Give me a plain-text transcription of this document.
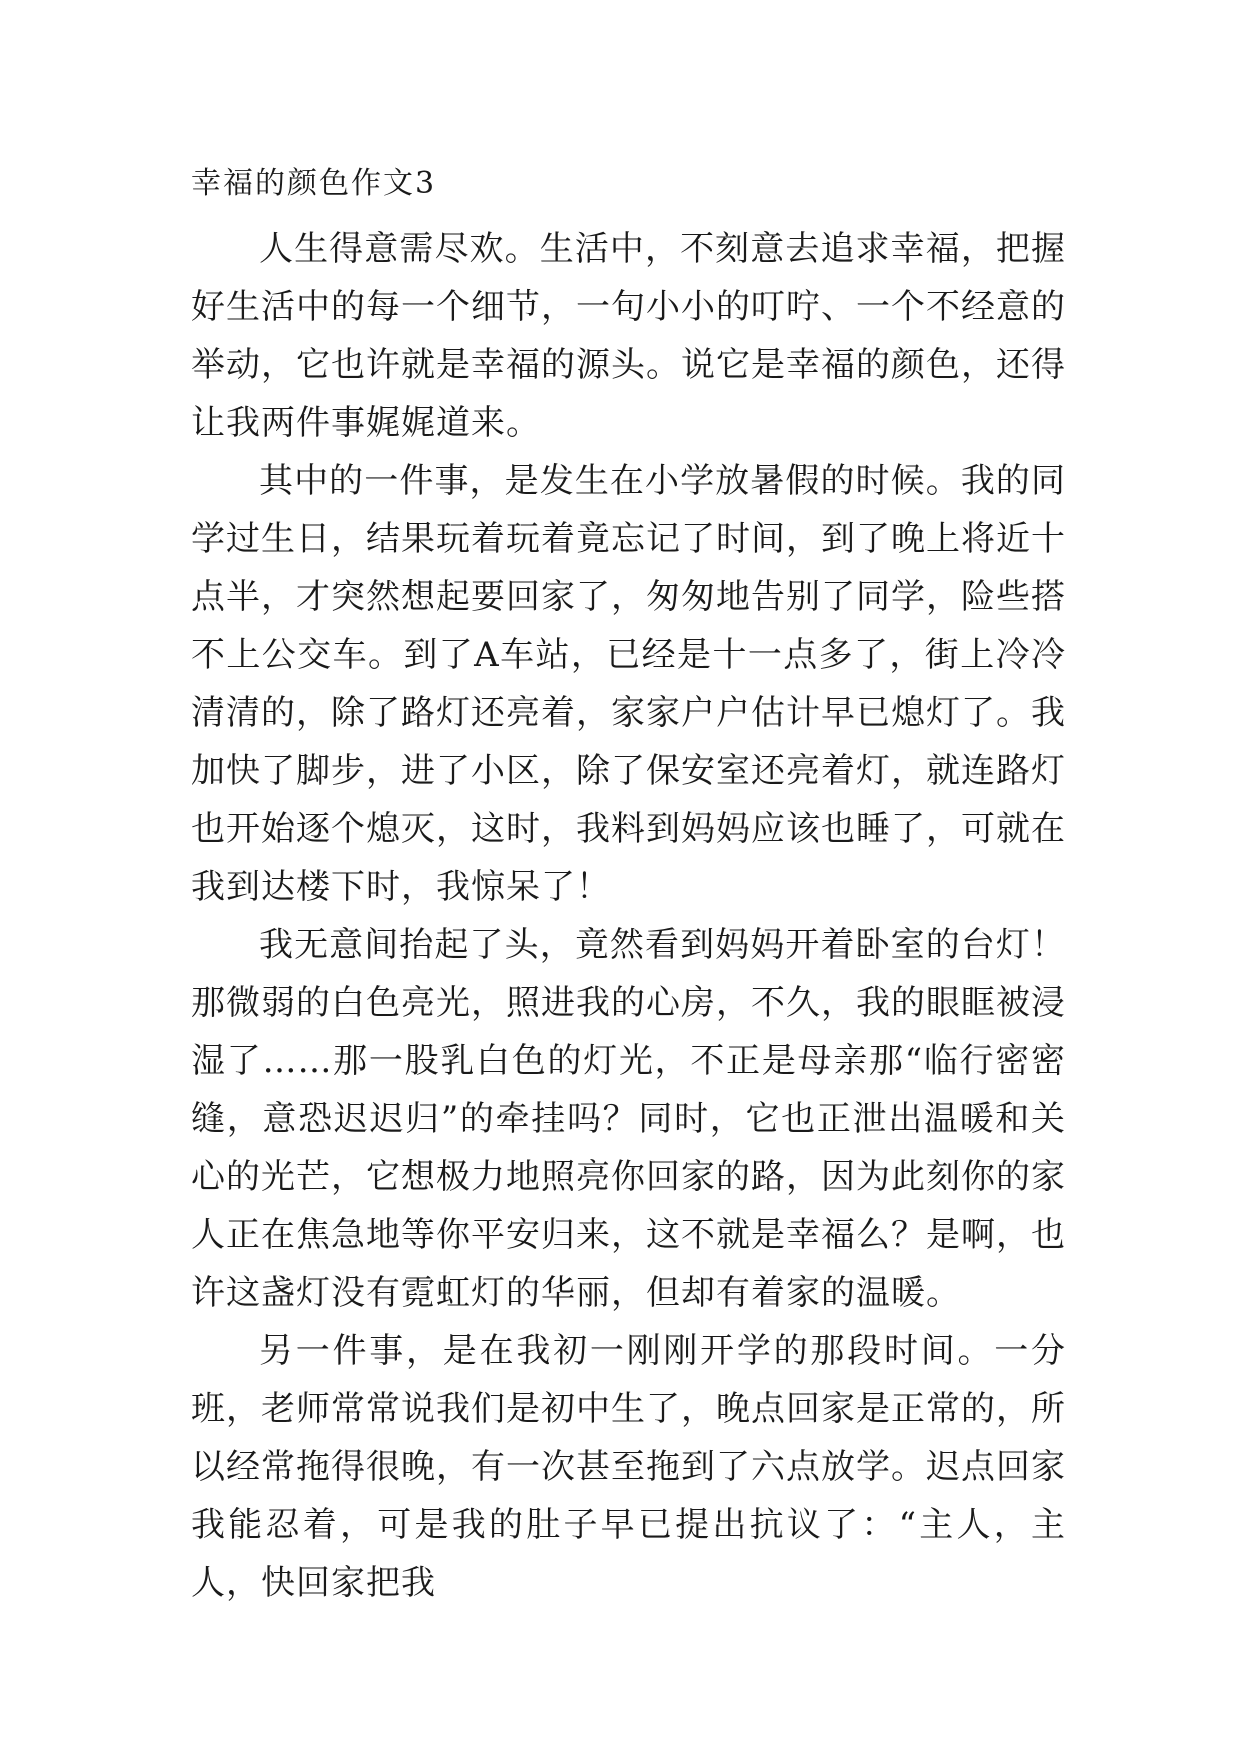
幸福的颜色作文3

人生得意需尽欢。生活中，不刻意去追求幸福，把握好生活中的每一个细节，一句小小的叮咛、一个不经意的举动，它也许就是幸福的源头。说它是幸福的颜色，还得让我两件事娓娓道来。

其中的一件事，是发生在小学放暑假的时候。我的同学过生日，结果玩着玩着竟忘记了时间，到了晚上将近十点半，才突然想起要回家了，匆匆地告别了同学，险些搭不上公交车。到了A车站，已经是十一点多了，街上冷冷清清的，除了路灯还亮着，家家户户估计早已熄灯了。我加快了脚步，进了小区，除了保安室还亮着灯，就连路灯也开始逐个熄灭，这时，我料到妈妈应该也睡了，可就在我到达楼下时，我惊呆了！

我无意间抬起了头，竟然看到妈妈开着卧室的台灯！那微弱的白色亮光，照进我的心房，不久，我的眼眶被浸湿了……那一股乳白色的灯光，不正是母亲那“临行密密缝，意恐迟迟归”的牵挂吗？同时，它也正泄出温暖和关心的光芒，它想极力地照亮你回家的路，因为此刻你的家人正在焦急地等你平安归来，这不就是幸福么？是啊，也许这盏灯没有霓虹灯的华丽，但却有着家的温暖。

另一件事，是在我初一刚刚开学的那段时间。一分班，老师常常说我们是初中生了，晚点回家是正常的，所以经常拖得很晚，有一次甚至拖到了六点放学。迟点回家我能忍着，可是我的肚子早已提出抗议了：“主人，主人，快回家把我
